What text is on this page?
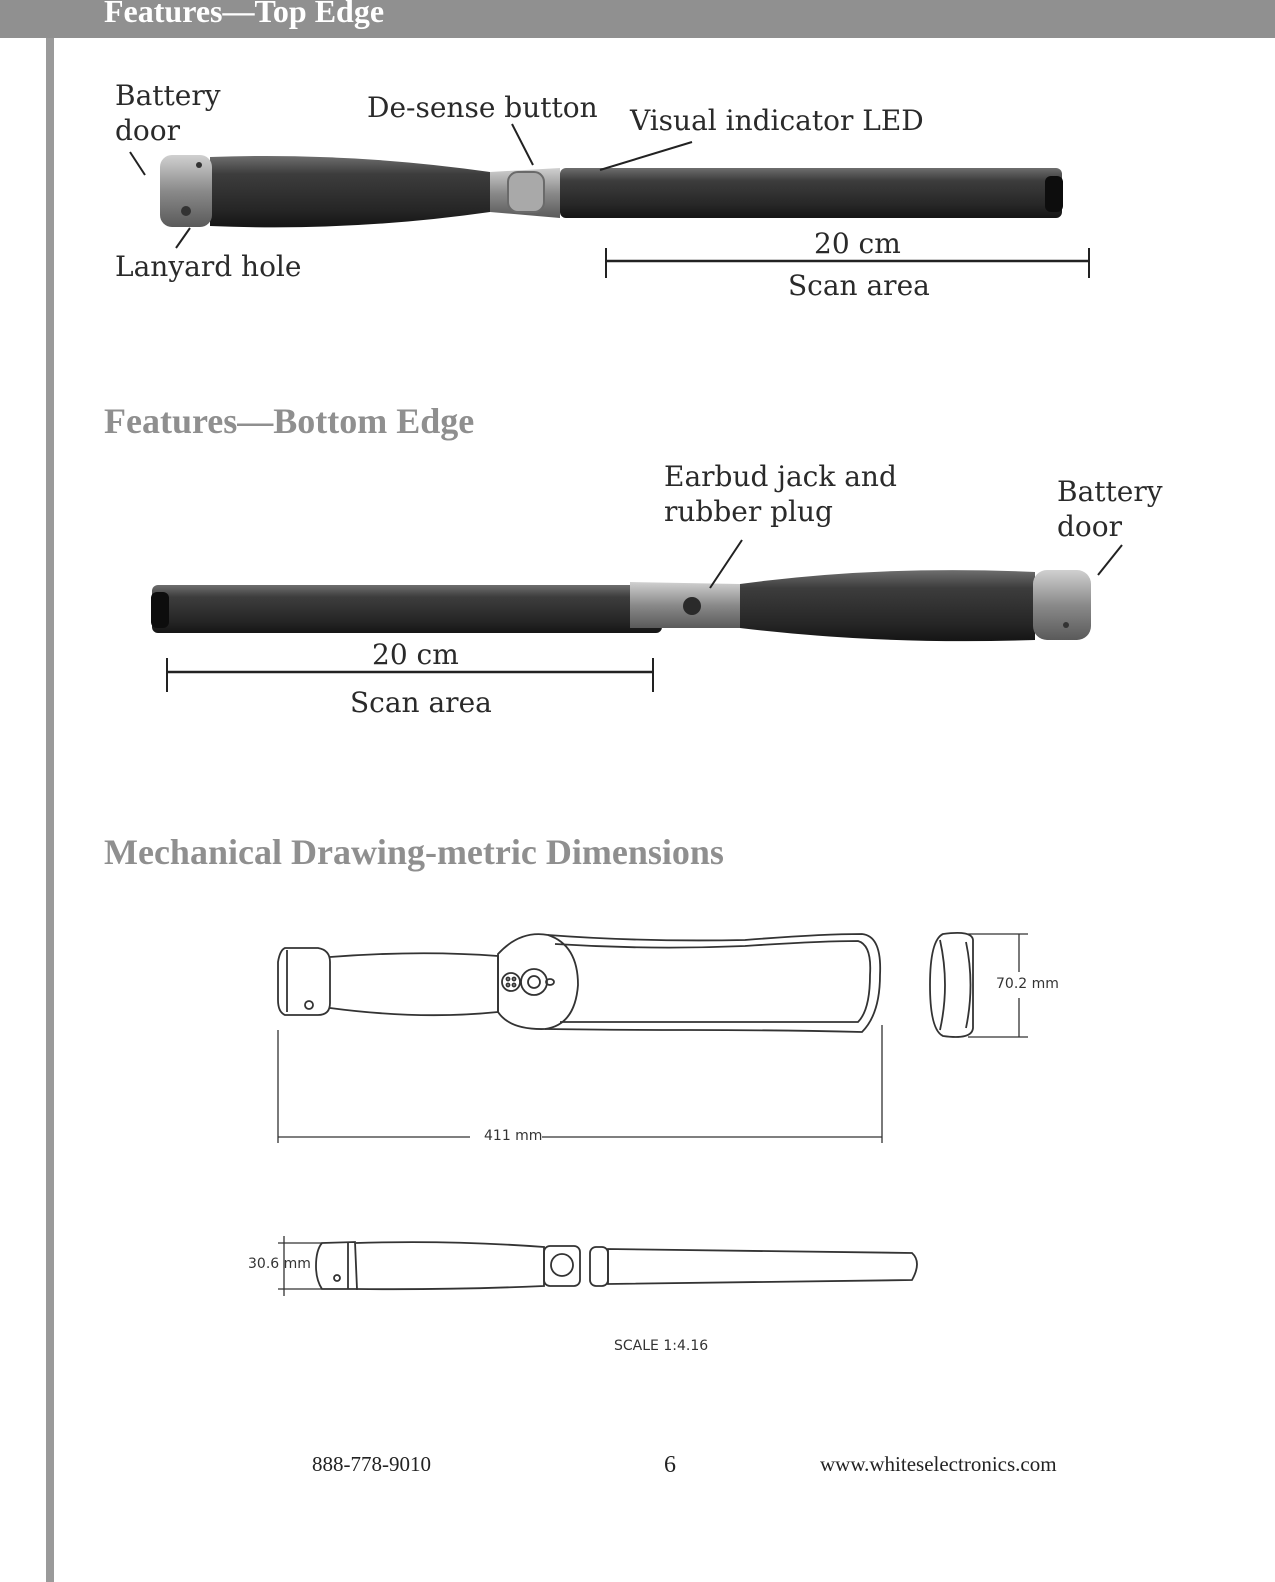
Features—Top Edge
Battery
door
De-sense button Visual indicator LED
Lanyard hole
20 cm
Scan area
Features—Bottom Edge
Earbud jack and
rubber plug
Battery
door
20 cm
Scan area
Mechanical Drawing-metric Dimensions
70.2 mm
411 mm
30.6 mm
SCALE 1:4.16
888-778-9010	6	www.whiteselectronics.com
